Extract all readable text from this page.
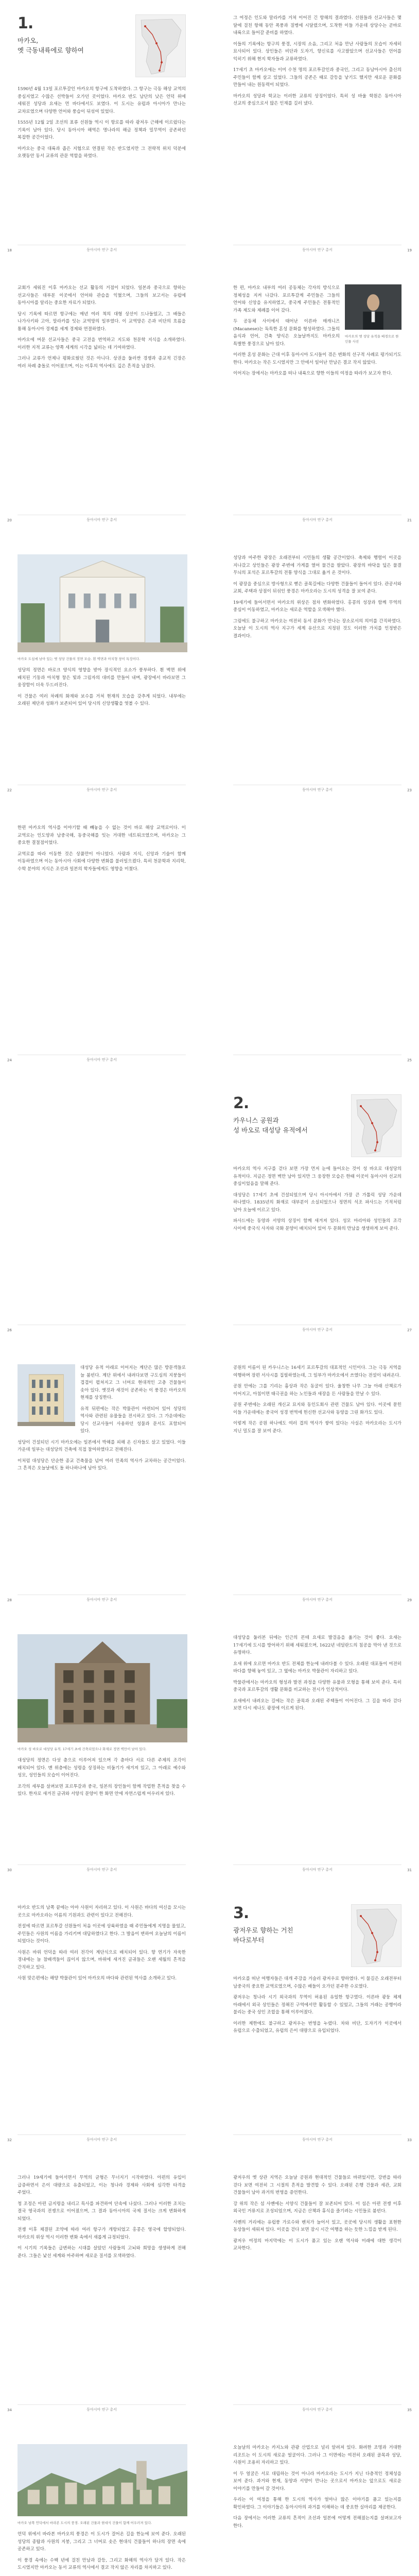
1.
마카오,
옛 극동내륙에로 향하여

1590년 4월 13일 포르투갈인 마카오의 항구에 도착하였다. 그 항구는 극동 해상 교역의 중심지였고 수많은 선박들이 오가던 곳이었다. 마카오 반도 남단의 낮은 언덕 위에 세워진 성당과 요새는 먼 바다에서도 보였다. 이 도시는 유럽과 아시아가 만나는 교차로였으며 다양한 언어와 풍습이 뒤섞여 있었다.

1555년 12월 2일 조선의 표류 선원들 역시 이 항로를 따라 광저우 근해에 이르렀다는 기록이 남아 있다. 당시 동아시아 해역은 명나라의 해금 정책과 밀무역이 공존하던 복잡한 공간이었다.

마카오는 중국 대륙과 좁은 지협으로 연결된 작은 반도였지만 그 전략적 위치 덕분에 오랫동안 동서 교류의 관문 역할을 하였다.

동아시아 연구 총서
18

그 여정은 인도와 말라카를 거쳐 이어진 긴 항해의 결과였다. 선원들과 선교사들은 몇 달에 걸친 항해 동안 폭풍과 질병에 시달렸으며, 도착한 이들 가운데 상당수는 곧바로 내륙으로 들어갈 준비를 하였다.

이들의 기록에는 항구의 풍경, 시장의 소음, 그리고 처음 만난 사람들의 모습이 자세히 묘사되어 있다. 상인들은 비단과 도자기, 향신료를 사고팔았으며 선교사들은 언어를 익히기 위해 현지 학자들과 교류하였다.

17세기 초 마카오에는 이미 수천 명의 포르투갈인과 중국인, 그리고 동남아시아 출신의 주민들이 함께 살고 있었다. 그들의 공존은 때로 갈등을 낳기도 했지만 새로운 문화를 만들어 내는 원동력이 되었다.

마카오의 성당과 학교는 이러한 교류의 상징이었다. 특히 성 바울 학원은 동아시아 선교의 중심으로서 많은 인재를 길러 냈다.

동아시아 연구 총서	19

교회가 세워진 이후 마카오는 선교 활동의 거점이 되었다. 일본과 중국으로 향하는 선교사들은 대부분 이곳에서 언어와 관습을 익혔으며, 그들의 보고서는 유럽에 동아시아를 알리는 중요한 자료가 되었다.

당시 기록에 따르면 항구에는 매년 여러 척의 대형 상선이 드나들었고, 그 배들은 나가사키와 고아, 말라카를 잇는 교역망의 일부였다. 이 교역망은 은과 비단의 흐름을 통해 동아시아 경제를 세계 경제와 연결하였다.

마카오에 머문 선교사들은 중국 고전을 번역하고 지도와 천문학 지식을 소개하였다. 이러한 지적 교류는 양쪽 세계의 시각을 넓히는 데 기여하였다.

그러나 교류가 언제나 평화로웠던 것은 아니다. 상권을 둘러싼 경쟁과 종교적 긴장은 여러 차례 충돌로 이어졌으며, 이는 이후의 역사에도 깊은 흔적을 남겼다.

동아시아 연구 총서
20
마카오의 옛 성당 유적을 배경으로 한 인물 사진

한 편, 마카오 내부의 여러 공동체는 각자의 방식으로 정체성을 지켜 나갔다. 포르투갈계 주민들은 그들의 언어와 신앙을 유지하였고, 중국계 주민들은 전통적인 가족 제도와 제례를 이어 갔다.

두 공동체 사이에서 태어난 이른바 매캐니즈(Macanese)는 독특한 혼성 문화를 형성하였다. 그들의 음식과 언어, 건축 양식은 오늘날까지도 마카오의 특별한 풍경으로 남아 있다.

이러한 혼성 문화는 근대 이후 동아시아 도시들이 겪은 변화의 선구적 사례로 평가되기도 한다. 마카오는 작은 도시였지만 그 안에서 일어난 만남은 결코 작지 않았다.

이어지는 장에서는 마카오를 떠나 내륙으로 향한 이들의 여정을 따라가 보고자 한다.

동아시아 연구 총서	21
마카오 도심에 남아 있는 옛 성당 건물의 정면 모습. 흰 벽면과 아치형 창이 특징이다.

성당의 정면은 바로크 양식의 영향을 받아 장식적인 요소가 풍부하다. 흰 벽면 위에 배치된 기둥과 아치형 창은 빛과 그림자의 대비를 만들어 내며, 광장에서 바라보면 그 웅장함이 더욱 두드러진다.

이 건물은 여러 차례의 화재와 보수를 거쳐 현재의 모습을 갖추게 되었다. 내부에는 오래된 제단과 성화가 보존되어 있어 당시의 신앙생활을 엿볼 수 있다.

동아시아 연구 총서
22

성당과 마주한 광장은 오래전부터 시민들의 생활 공간이었다. 축제와 행렬이 이곳을 지나갔고 상인들은 광장 주변에 가게를 열어 물건을 팔았다. 광장의 바닥을 덮은 물결 무늬의 포석은 포르투갈의 전통 양식을 그대로 옮겨 온 것이다.

이 광장을 중심으로 방사형으로 뻗은 골목길에는 다양한 건물들이 들어서 있다. 관공서와 교회, 주택과 상점이 뒤섞인 풍경은 마카오라는 도시의 성격을 잘 보여 준다.

19세기에 들어서면서 마카오의 위상은 점차 변화하였다. 홍콩의 성장과 함께 무역의 중심이 이동하였고, 마카오는 새로운 역할을 모색해야 했다.

그럼에도 불구하고 마카오는 여전히 동서 문화가 만나는 장소로서의 의미를 간직하였다. 오늘날 이 도시의 역사 지구가 세계 유산으로 지정된 것도 이러한 가치를 인정받은 결과이다.

동아시아 연구 총서	23

한편 마카오의 역사를 이야기할 때 빼놓을 수 없는 것이 바로 해상 교역로이다. 이 교역로는 인도양과 남중국해, 동중국해를 잇는 거대한 네트워크였으며, 마카오는 그 중요한 결절점이었다.

교역로를 따라 이동한 것은 상품만이 아니었다. 사람과 지식, 신앙과 기술이 함께 이동하였으며 이는 동아시아 사회에 다양한 변화를 불러일으켰다. 특히 천문학과 지리학, 수학 분야의 지식은 조선과 일본의 학자들에게도 영향을 미쳤다.

동아시아 연구 총서
24	25
26
2.
카우니스 공원과
성 바오로 대성당 유적에서

마카오의 역사 지구를 걷다 보면 가장 먼저 눈에 들어오는 것이 성 바오로 대성당의 유적이다. 지금은 정면 벽만 남아 있지만 그 웅장한 모습은 한때 이곳이 동아시아 선교의 중심이었음을 말해 준다.

대성당은 17세기 초에 건설되었으며 당시 아시아에서 가장 큰 가톨릭 성당 가운데 하나였다. 1835년의 화재로 대부분이 소실되었으나 정면의 석조 파사드는 기적처럼 남아 오늘에 이르고 있다.

파사드에는 동양과 서양의 상징이 함께 새겨져 있다. 성모 마리아와 성인들의 조각 사이에 중국식 사자와 국화 문양이 배치되어 있어 두 문화의 만남을 생생하게 보여 준다.

동아시아 연구 총서	27

대성당 유적 아래로 이어지는 계단은 많은 방문객들로 늘 붐빈다. 계단 위에서 내려다보면 구도심의 지붕들이 겹겹이 펼쳐지고 그 너머로 현대적인 고층 건물들이 솟아 있다. 옛것과 새것이 공존하는 이 풍경은 마카오의 현재를 상징한다.

유적 뒤편에는 작은 박물관이 마련되어 있어 성당의 역사와 관련된 유물들을 전시하고 있다. 그 가운데에는 당시 선교사들이 사용하던 성물과 문서도 포함되어 있다.

성당이 건설되던 시기 마카오에는 일본에서 박해를 피해 온 신자들도 살고 있었다. 이들 가운데 일부는 대성당의 건축에 직접 참여하였다고 전해진다.

이처럼 대성당은 단순한 종교 건축물을 넘어 여러 민족의 역사가 교차하는 공간이었다. 그 흔적은 오늘날에도 돌 하나하나에 남아 있다.

동아시아 연구 총서
28

공원의 이름이 된 카우니스는 16세기 포르투갈의 대표적인 시인이다. 그는 극동 지역을 여행하며 장편 서사시를 집필하였는데, 그 일부가 마카오에서 쓰였다는 전설이 내려온다.

공원 안에는 그를 기리는 흉상과 작은 동굴이 있다. 울창한 나무 그늘 아래 산책로가 이어지고, 아침이면 태극권을 하는 노인들과 새장을 든 사람들을 만날 수 있다.

공원 주변에는 오래된 개신교 묘지와 동인도회사 관련 건물도 남아 있다. 이곳에 묻힌 이들 가운데에는 중국어 성경 번역에 헌신한 선교사와 동양을 그린 화가도 있다.

이렇게 작은 공원 하나에도 여러 겹의 역사가 쌓여 있다는 사실은 마카오라는 도시가 지닌 밀도를 잘 보여 준다.

동아시아 연구 총서	29
마카오 성 바오로 대성당 유적. 17세기 초에 건축되었으나 화재로 정면 벽만이 남아 있다.

대성당의 정면은 다섯 층으로 이루어져 있으며 각 층마다 서로 다른 주제의 조각이 배치되어 있다. 맨 위층에는 성령을 상징하는 비둘기가 새겨져 있고, 그 아래로 예수와 성모, 성인들의 모습이 이어진다.

조각의 세부를 살펴보면 포르투갈과 중국, 일본의 장인들이 함께 작업한 흔적을 찾을 수 있다. 한자로 새겨진 글귀와 서양식 문양이 한 화면 안에 자연스럽게 어우러져 있다.

동아시아 연구 총서
30

대성당을 둘러본 뒤에는 인근의 몬테 요새로 발걸음을 옮기는 것이 좋다. 요새는 17세기에 도시를 방어하기 위해 세워졌으며, 1622년 네덜란드의 침공을 막아 낸 것으로 유명하다.

요새 위에 오르면 마카오 반도 전체를 한눈에 내려다볼 수 있다. 오래된 대포들이 여전히 바다를 향해 놓여 있고, 그 옆에는 마카오 박물관이 자리하고 있다.

박물관에서는 마카오의 형성과 발전 과정을 다양한 유물과 모형을 통해 보여 준다. 특히 중국과 포르투갈의 생활 문화를 비교하는 전시가 인상적이다.

요새에서 내려오는 길에는 작은 골목과 오래된 주택들이 이어진다. 그 길을 따라 걷다 보면 다시 세나도 광장에 이르게 된다.

동아시아 연구 총서	31

마카오 반도의 남쪽 끝에는 아마 사원이 자리하고 있다. 이 사원은 바다의 여신을 모시는 곳으로 마카오라는 이름의 기원과도 관련이 있다고 전해진다.

전설에 따르면 포르투갈 선원들이 처음 이곳에 상륙하였을 때 주민들에게 지명을 물었고, 주민들은 사원의 이름을 가리키며 대답하였다고 한다. 그 발음이 변하여 오늘날의 이름이 되었다는 것이다.

사원은 바위 언덕을 따라 여러 전각이 계단식으로 배치되어 있다. 향 연기가 자욱한 경내에는 늘 참배객들이 끊이지 않으며, 바위에 새겨진 글귀들은 오랜 세월의 흔적을 간직하고 있다.

사원 맞은편에는 해양 박물관이 있어 마카오의 바다와 관련된 역사를 소개하고 있다.

동아시아 연구 총서
32
3.
광저우로 향하는 거친
바다로부터

마카오를 떠난 여행자들은 대개 주강을 거슬러 광저우로 향하였다. 이 물길은 오래전부터 남중국의 중요한 교역로였으며, 수많은 배들이 오가던 분주한 수로였다.

광저우는 청나라 시기 외국과의 무역이 허용된 유일한 항구였다. 이른바 광둥 체제 아래에서 외국 상인들은 정해진 구역에서만 활동할 수 있었고, 그들의 거래는 공행이라 불리는 중국 상인 조합을 통해 이루어졌다.

이러한 제한에도 불구하고 광저우는 번영을 누렸다. 차와 비단, 도자기가 이곳에서 유럽으로 수출되었고, 유럽의 은이 대량으로 유입되었다.

동아시아 연구 총서	33

그러나 19세기에 들어서면서 무역의 균형은 무너지기 시작하였다. 아편의 유입이 급증하면서 은이 대량으로 유출되었고, 이는 청나라 경제와 사회에 심각한 타격을 주었다.

청 조정은 아편 금지령을 내리고 특사를 파견하여 단속에 나섰다. 그러나 이러한 조치는 결국 영국과의 전쟁으로 이어졌으며, 그 결과 동아시아의 국제 질서는 크게 변화하게 되었다.

전쟁 이후 체결된 조약에 따라 여러 항구가 개항되었고 홍콩은 영국에 할양되었다. 마카오의 위상 역시 이러한 변화 속에서 새롭게 규정되었다.

이 시기의 기록들은 급변하는 시대를 살았던 사람들의 고뇌와 희망을 생생하게 전해 준다. 그들은 낯선 세계와 마주하며 새로운 질서를 모색하였다.

동아시아 연구 총서
34

광저우의 옛 상관 지역은 오늘날 공원과 현대적인 건물들로 바뀌었지만, 강변을 따라 걷다 보면 여전히 그 시절의 흔적을 발견할 수 있다. 오래된 은행 건물과 세관, 교회 건물들이 남아 과거의 번영을 증언한다.

강 위의 작은 섬 사몐에는 서양식 건물들이 잘 보존되어 있다. 이 섬은 아편 전쟁 이후 외국인 거류지로 조성되었으며, 지금은 산책과 휴식을 즐기려는 시민들로 붐빈다.

사몐의 거리에는 유럽풍 가로수와 벤치가 늘어서 있고, 곳곳에 당시의 생활을 표현한 동상들이 세워져 있다. 이곳을 걷다 보면 잠시 시간 여행을 하는 듯한 느낌을 받게 된다.

광저우 여정의 마지막에는 이 도시가 품고 있는 오랜 역사와 미래에 대한 생각이 교차한다.

동아시아 연구 총서	35
마카오 남쪽 언덕에서 바라본 도시의 풍경. 오래된 건물과 현대식 건물이 함께 어우러져 있다.

언덕 위에서 바라본 마카오의 풍경은 이 도시가 걸어온 길을 한눈에 보여 준다. 오래된 성당의 종탑과 사원의 지붕, 그리고 그 너머로 솟은 현대식 건물들이 하나의 장면 속에 공존하고 있다.

이 풍경 속에는 수백 년에 걸친 만남과 갈등, 그리고 화해의 역사가 담겨 있다. 작은 도시였지만 마카오는 동서 교류의 역사에서 결코 작지 않은 자리를 차지하고 있다.

오늘날의 마카오는 카지노와 관광 산업으로 널리 알려져 있다. 화려한 조명과 거대한 리조트는 이 도시의 새로운 얼굴이다. 그러나 그 이면에는 여전히 오래된 골목과 성당, 사원이 조용히 자리하고 있다.

이 두 얼굴은 서로 대립하는 것이 아니라 마카오라는 도시가 지닌 다층적인 정체성을 보여 준다. 과거와 현재, 동양과 서양이 만나는 곳으로서 마카오는 앞으로도 새로운 이야기를 만들어 갈 것이다.

우리는 이 여정을 통해 한 도시의 역사가 얼마나 많은 이야기를 품고 있는지를 확인하였다. 그 이야기들은 동아시아의 과거를 이해하는 데 중요한 실마리를 제공한다.

다음 장에서는 이러한 교류의 흔적이 조선과 일본에 어떻게 전해졌는지를 살펴보고자 한다.
